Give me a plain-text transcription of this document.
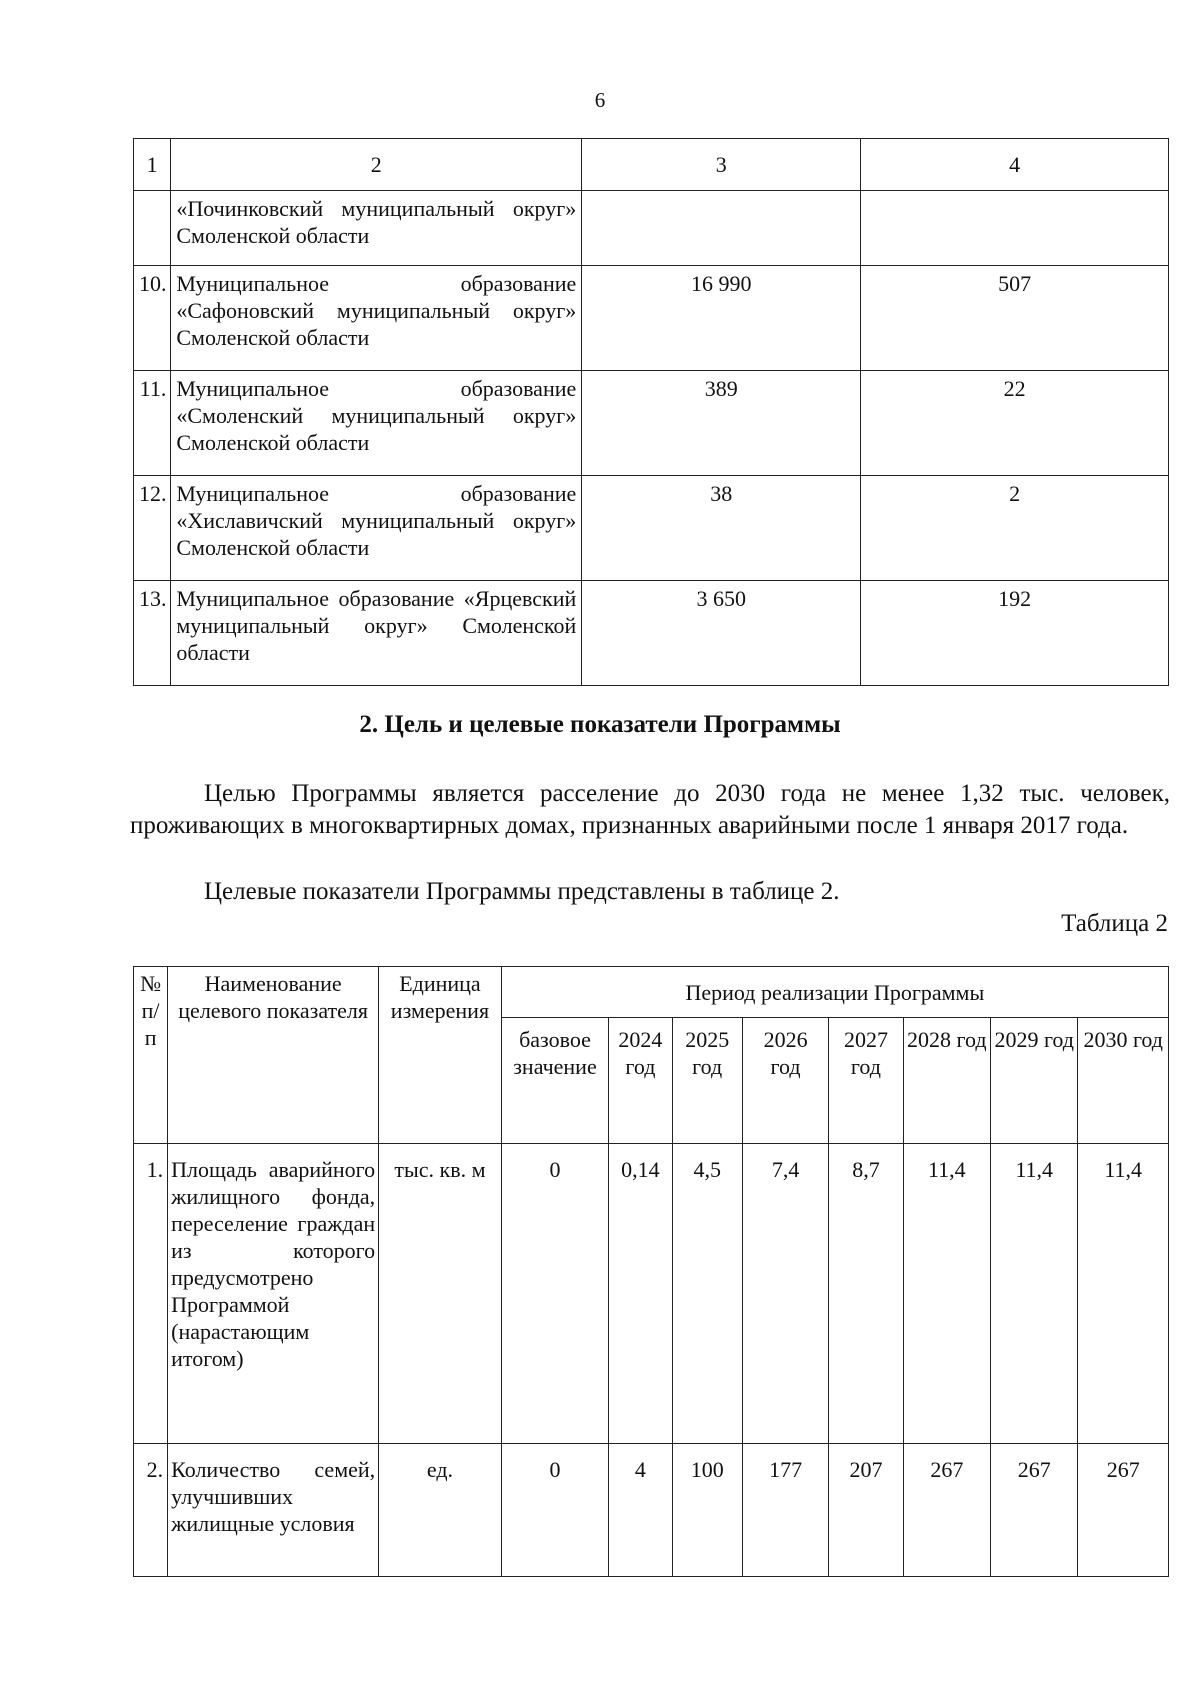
6
1	2	3	4
	«Починковский муниципальный округ» Смоленской области		
10.	Муниципальное образование «Сафоновский муниципальный округ» Смоленской области	16 990	507
11.	Муниципальное образование «Смоленский муниципальный округ» Смоленской области	389	22
12.	Муниципальное образование «Хиславичский муниципальный округ» Смоленской области	38	2
13.	Муниципальное образование «Ярцевский муниципальный округ» Смоленской области	3 650	192
2. Цель и целевые показатели Программы
Целью Программы является расселение до 2030 года не менее 1,32 тыс. человек, проживающих в многоквартирных домах, признанных аварийными после 1 января 2017 года.
Целевые показатели Программы представлены в таблице 2.
Таблица 2
№ п/п	Наименование целевого показателя	Единица измерения	Период реализации Программы							
			базовое значение	2024 год	2025 год	2026 год	2027 год	2028 год	2029 год	2030 год
1.	Площадь аварийного жилищного фонда, переселение граждан из которого предусмотрено Программой (нарастающим итогом)	тыс. кв. м	0	0,14	4,5	7,4	8,7	11,4	11,4	11,4
2.	Количество семей, улучшивших жилищные условия	ед.	0	4	100	177	207	267	267	267
